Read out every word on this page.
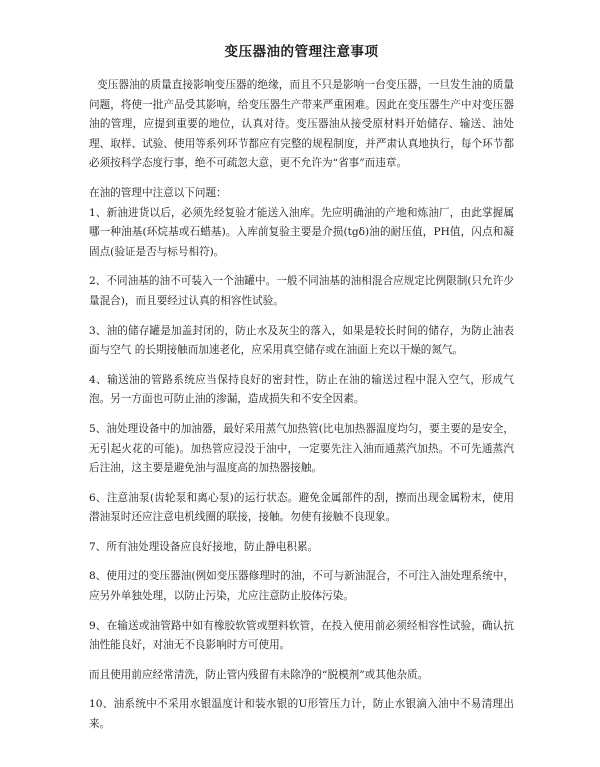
变压器油的管理注意事项

变压器油的质量直接影响变压器的绝缘，而且不只是影响一台变压器，一旦发生油的质量问题，将使一批产品受其影响，给变压器生产带来严重困难。因此在变压器生产中对变压器油的管理，应提到重要的地位，认真对待。变压器油从接受原材料开始储存、输送、油处理、取样、试验、使用等系列环节都应有完整的规程制度，并严肃认真地执行，每个环节都必须按科学态度行事，绝不可疏忽大意，更不允许为“省事”而违章。

在油的管理中注意以下问题：

1、新油进货以后，必须先经复验才能送入油库。先应明确油的产地和炼油厂，由此掌握属哪一种油基(环烷基或石蜡基)。入库前复验主要是介损(tgδ)油的耐压值，PH值，闪点和凝固点(验证是否与标号相符)。

2、不同油基的油不可装入一个油罐中。一般不同油基的油相混合应规定比例限制(只允许少量混合)，而且要经过认真的相容性试验。

3、油的储存罐是加盖封闭的，防止水及灰尘的落入，如果是较长时间的储存，为防止油表面与空气 的长期接触而加速老化，应采用真空储存或在油面上充以干燥的氮气。

4、输送油的管路系统应当保持良好的密封性，防止在油的输送过程中混入空气，形成气泡。另一方面也可防止油的渗漏，造成损失和不安全因素。

5、油处理设备中的加油器，最好采用蒸气加热管(比电加热器温度均匀，要主要的是安全，无引起火花的可能)。加热管应浸没于油中，一定要先注入油而通蒸汽加热。不可先通蒸汽后注油，这主要是避免油与温度高的加热器接触。

6、注意油泵(齿轮泵和离心泵)的运行状态。避免金属部件的刮，擦而出现金属粉末，使用潜油泵时还应注意电机线圈的联接，接触。勿使有接触不良现象。

7、所有油处理设备应良好接地，防止静电积累。

8、使用过的变压器油(例如变压器修理时的油，不可与新油混合，不可注入油处理系统中，应另外单独处理，以防止污染，尤应注意防止胶体污染。

9、在输送或油管路中如有橡胶软管或塑料软管，在投入使用前必须经相容性试验，确认抗油性能良好，对油无不良影响时方可使用。

而且使用前应经常清洗，防止管内残留有未除净的“脱模剂”或其他杂质。

10、油系统中不采用水银温度计和装水银的U形管压力计，防止水银滴入油中不易清理出来。
